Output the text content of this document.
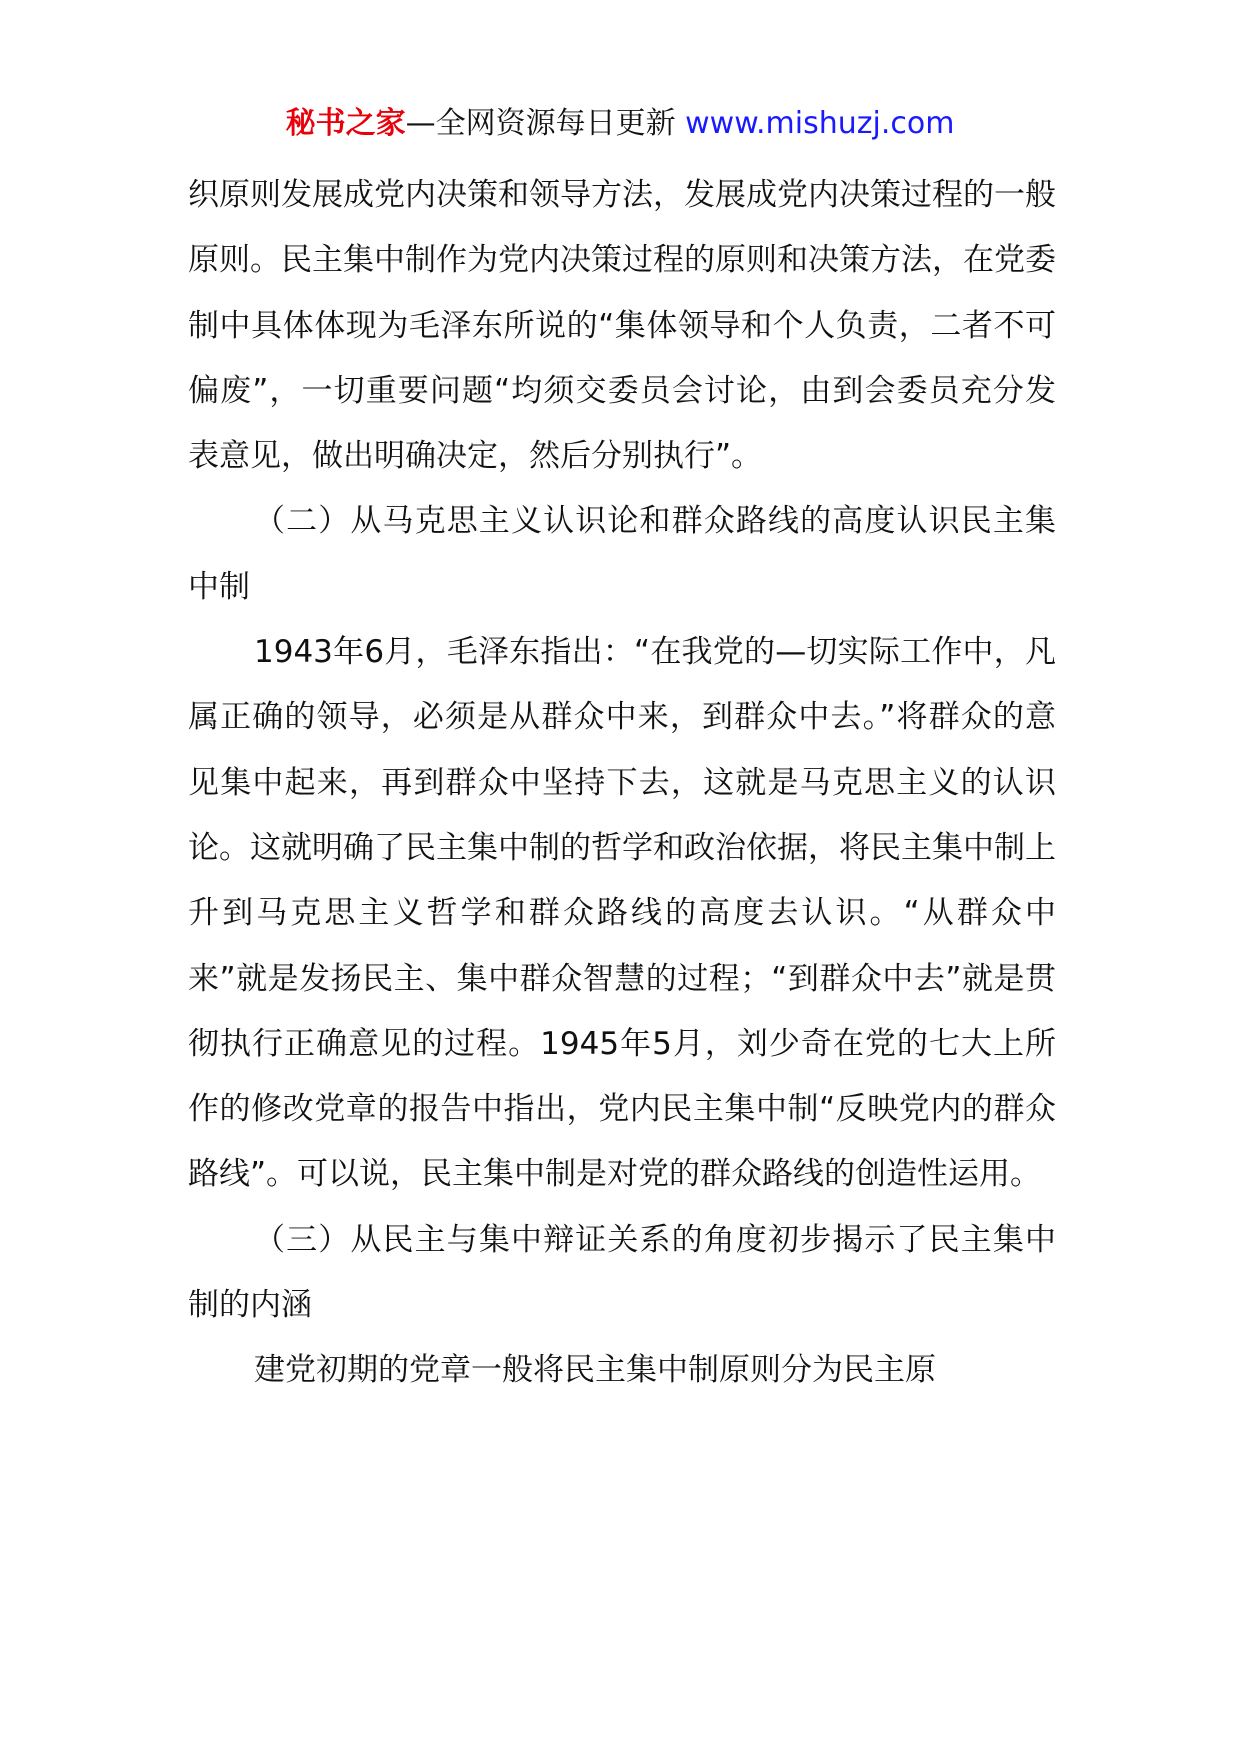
秘书之家—全网资源每日更新 www.mishuzj.com

织原则发展成党内决策和领导方法，发展成党内决策过程的一般原则。民主集中制作为党内决策过程的原则和决策方法，在党委制中具体体现为毛泽东所说的“集体领导和个人负责，二者不可偏废”，一切重要问题“均须交委员会讨论，由到会委员充分发表意见，做出明确决定，然后分别执行”。

（二）从马克思主义认识论和群众路线的高度认识民主集中制

1943年6月，毛泽东指出：“在我党的—切实际工作中，凡属正确的领导，必须是从群众中来，到群众中去。”将群众的意见集中起来，再到群众中坚持下去，这就是马克思主义的认识论。这就明确了民主集中制的哲学和政治依据，将民主集中制上升到马克思主义哲学和群众路线的高度去认识。“从群众中来”就是发扬民主、集中群众智慧的过程；“到群众中去”就是贯彻执行正确意见的过程。1945年5月，刘少奇在党的七大上所作的修改党章的报告中指出，党内民主集中制“反映党内的群众路线”。可以说，民主集中制是对党的群众路线的创造性运用。

（三）从民主与集中辩证关系的角度初步揭示了民主集中制的内涵

建党初期的党章一般将民主集中制原则分为民主原
